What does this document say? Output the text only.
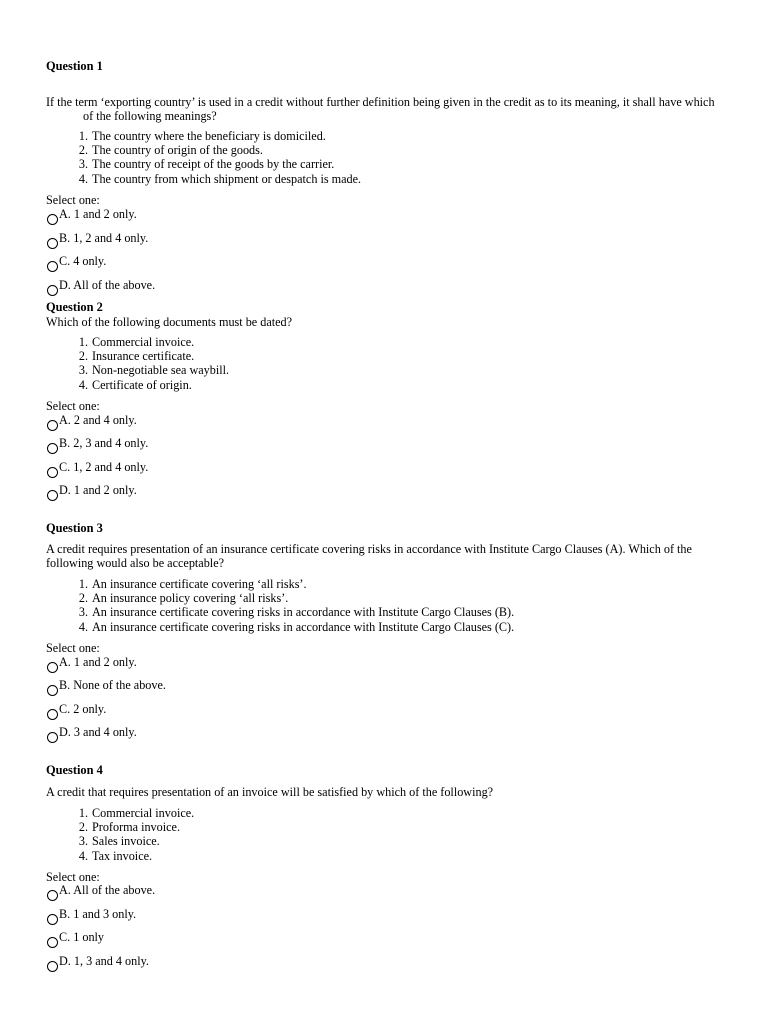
Question 1
If the term ‘exporting country’ is used in a credit without further definition being given in the credit as to its meaning, it shall have which of the following meanings?
1. The country where the beneficiary is domiciled.
2. The country of origin of the goods.
3. The country of receipt of the goods by the carrier.
4. The country from which shipment or despatch is made.
Select one:
A. 1 and 2 only.
B. 1, 2 and 4 only.
C. 4 only.
D. All of the above.
Question 2
Which of the following documents must be dated?
1. Commercial invoice.
2. Insurance certificate.
3. Non-negotiable sea waybill.
4. Certificate of origin.
Select one:
A. 2 and 4 only.
B. 2, 3 and 4 only.
C. 1, 2 and 4 only.
D. 1 and 2 only.
Question 3
A credit requires presentation of an insurance certificate covering risks in accordance with Institute Cargo Clauses (A). Which of the following would also be acceptable?
1. An insurance certificate covering ‘all risks’.
2. An insurance policy covering ‘all risks’.
3. An insurance certificate covering risks in accordance with Institute Cargo Clauses (B).
4. An insurance certificate covering risks in accordance with Institute Cargo Clauses (C).
Select one:
A. 1 and 2 only.
B. None of the above.
C. 2 only.
D. 3 and 4 only.
Question 4
A credit that requires presentation of an invoice will be satisfied by which of the following?
1. Commercial invoice.
2. Proforma invoice.
3. Sales invoice.
4. Tax invoice.
Select one:
A. All of the above.
B. 1 and 3 only.
C. 1 only
D. 1, 3 and 4 only.
